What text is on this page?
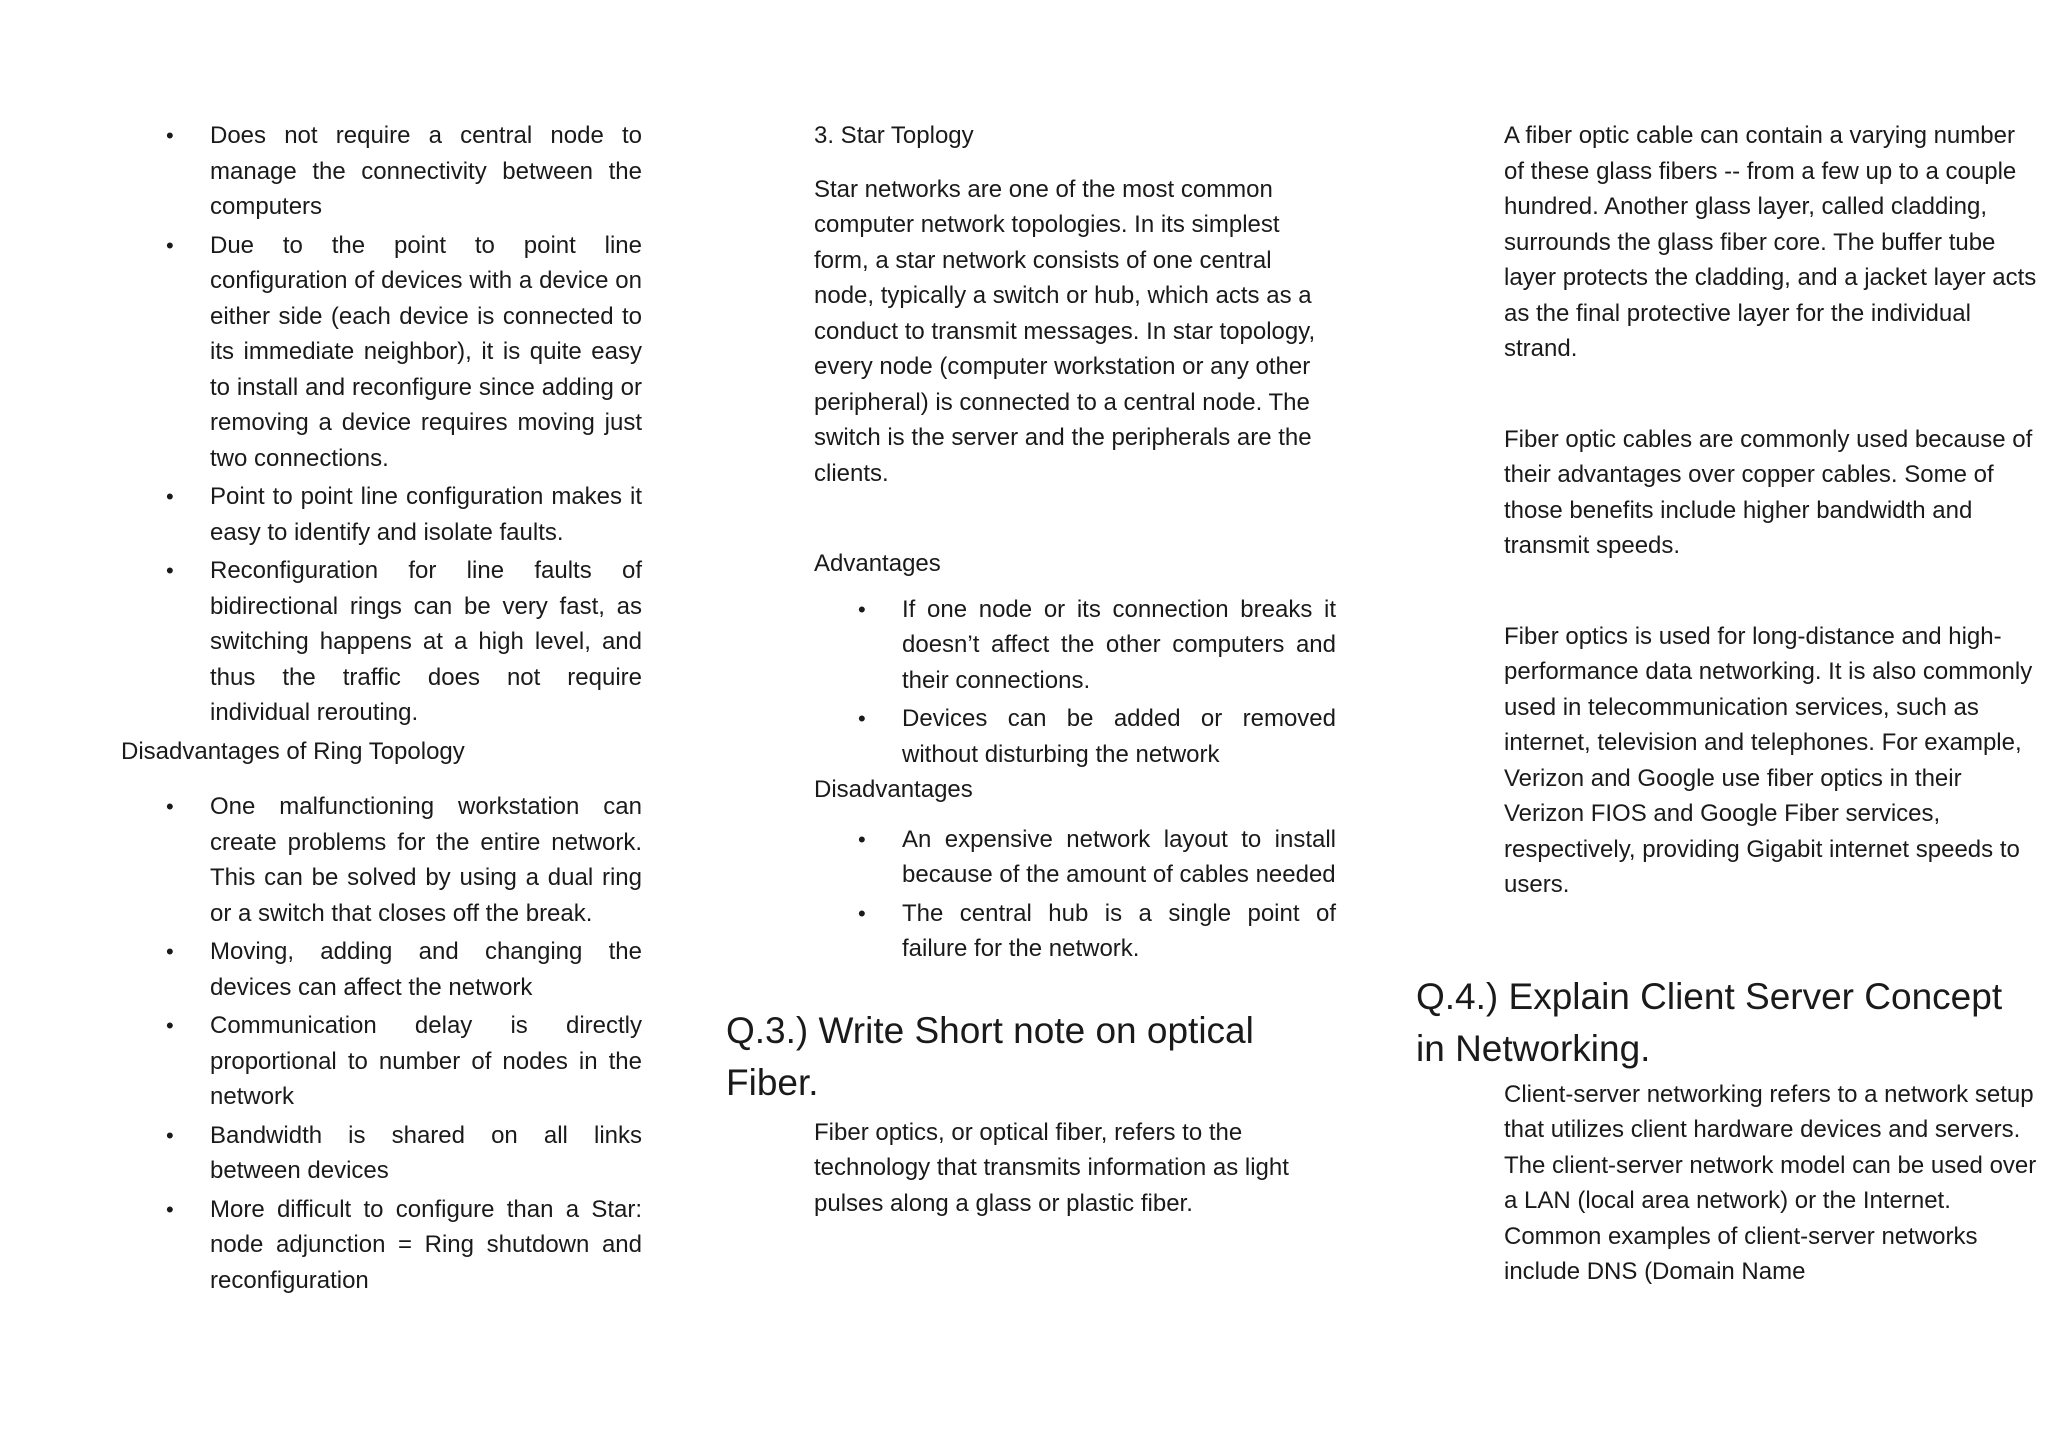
• Does not require a central node to manage the connectivity between the computers
• Due to the point to point line configuration of devices with a device on either side (each device is connected to its immediate neighbor), it is quite easy to install and reconfigure since adding or removing a device requires moving just two connections.
• Point to point line configuration makes it easy to identify and isolate faults.
• Reconfiguration for line faults of bidirectional rings can be very fast, as switching happens at a high level, and thus the traffic does not require individual rerouting.

Disadvantages of Ring Topology

• One malfunctioning workstation can create problems for the entire network. This can be solved by using a dual ring or a switch that closes off the break.
• Moving, adding and changing the devices can affect the network
• Communication delay is directly proportional to number of nodes in the network
• Bandwidth is shared on all links between devices
• More difficult to configure than a Star: node adjunction = Ring shutdown and reconfiguration

3. Star Toplogy

Star networks are one of the most common computer network topologies. In its simplest form, a star network consists of one central node, typically a switch or hub, which acts as a conduct to transmit messages. In star topology, every node (computer workstation or any other peripheral) is connected to a central node. The switch is the server and the peripherals are the clients.

Advantages

• If one node or its connection breaks it doesn’t affect the other computers and their connections.
• Devices can be added or removed without disturbing the network

Disadvantages

• An expensive network layout to install because of the amount of cables needed
• The central hub is a single point of failure for the network.
Q.3.) Write Short note on optical Fiber.

Fiber optics, or optical fiber, refers to the technology that transmits information as light pulses along a glass or plastic fiber.

A fiber optic cable can contain a varying number of these glass fibers -- from a few up to a couple hundred. Another glass layer, called cladding, surrounds the glass fiber core. The buffer tube layer protects the cladding, and a jacket layer acts as the final protective layer for the individual strand.

Fiber optic cables are commonly used because of their advantages over copper cables. Some of those benefits include higher bandwidth and transmit speeds.

Fiber optics is used for long-distance and high-performance data networking. It is also commonly used in telecommunication services, such as internet, television and telephones. For example, Verizon and Google use fiber optics in their Verizon FIOS and Google Fiber services, respectively, providing Gigabit internet speeds to users.

Q.4.) Explain Client Server Concept in Networking.

Client-server networking refers to a network setup that utilizes client hardware devices and servers. The client-server network model can be used over a LAN (local area network) or the Internet. Common examples of client-server networks include DNS (Domain Name
